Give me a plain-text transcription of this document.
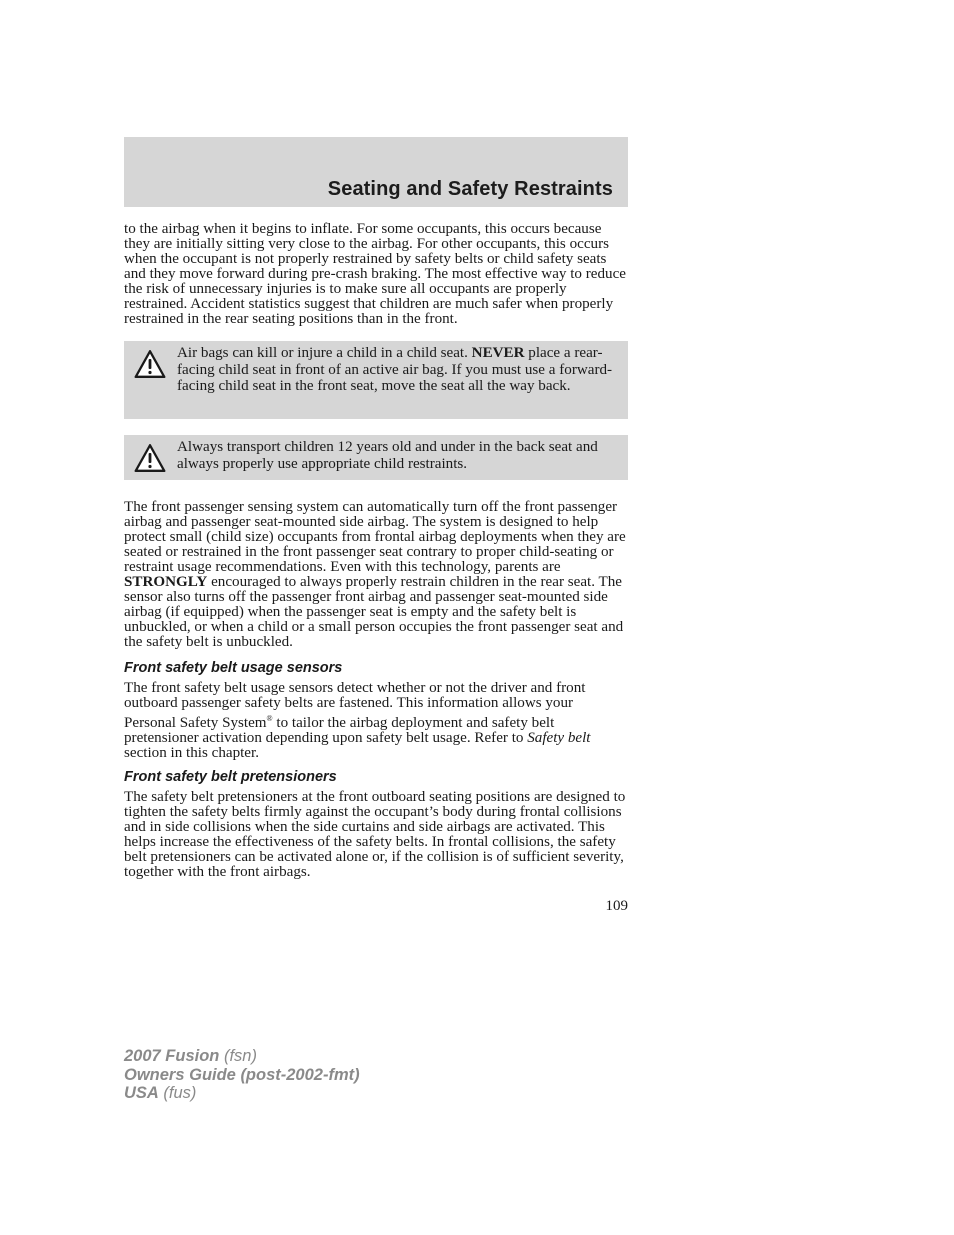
Seating and Safety Restraints

to the airbag when it begins to inflate. For some occupants, this occurs because they are initially sitting very close to the airbag. For other occupants, this occurs when the occupant is not properly restrained by safety belts or child safety seats and they move forward during pre-crash braking. The most effective way to reduce the risk of unnecessary injuries is to make sure all occupants are properly restrained. Accident statistics suggest that children are much safer when properly restrained in the rear seating positions than in the front.

Air bags can kill or injure a child in a child seat. NEVER place a rear-facing child seat in front of an active air bag. If you must use a forward-facing child seat in the front seat, move the seat all the way back.
Always transport children 12 years old and under in the back seat and always properly use appropriate child restraints.

The front passenger sensing system can automatically turn off the front passenger airbag and passenger seat-mounted side airbag. The system is designed to help protect small (child size) occupants from frontal airbag deployments when they are seated or restrained in the front passenger seat contrary to proper child-seating or restraint usage recommendations. Even with this technology, parents are STRONGLY encouraged to always properly restrain children in the rear seat. The sensor also turns off the passenger front airbag and passenger seat-mounted side airbag (if equipped) when the passenger seat is empty and the safety belt is unbuckled, or when a child or a small person occupies the front passenger seat and the safety belt is unbuckled.

Front safety belt usage sensors

The front safety belt usage sensors detect whether or not the driver and front outboard passenger safety belts are fastened. This information allows your Personal Safety System® to tailor the airbag deployment and safety belt pretensioner activation depending upon safety belt usage. Refer to Safety belt section in this chapter.

Front safety belt pretensioners

The safety belt pretensioners at the front outboard seating positions are designed to tighten the safety belts firmly against the occupant’s body during frontal collisions and in side collisions when the side curtains and side airbags are activated. This helps increase the effectiveness of the safety belts. In frontal collisions, the safety belt pretensioners can be activated alone or, if the collision is of sufficient severity, together with the front airbags.

109
2007 Fusion (fsn)
Owners Guide (post-2002-fmt)
USA (fus)
